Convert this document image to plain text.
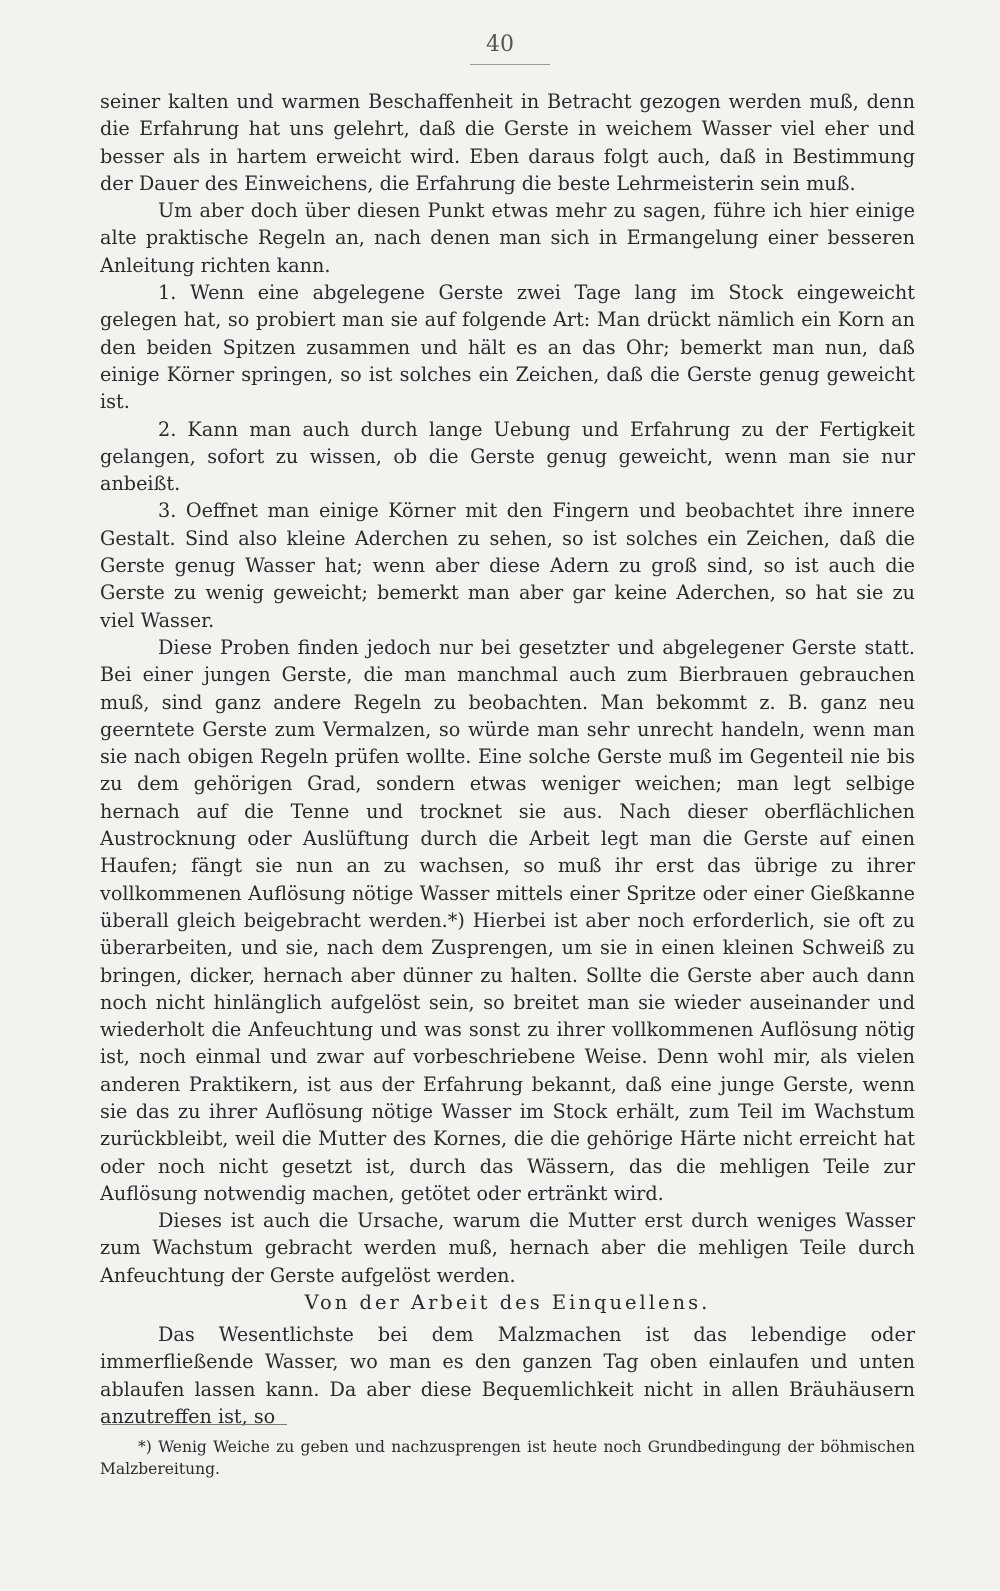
40

seiner kalten und warmen Beschaffenheit in Betracht gezogen werden muß, denn die Erfahrung hat uns gelehrt, daß die Gerste in weichem Wasser viel eher und besser als in hartem erweicht wird. Eben daraus folgt auch, daß in Bestimmung der Dauer des Einweichens, die Erfahrung die beste Lehrmeisterin sein muß.

Um aber doch über diesen Punkt etwas mehr zu sagen, führe ich hier einige alte praktische Regeln an, nach denen man sich in Ermangelung einer besseren Anleitung richten kann.

1. Wenn eine abgelegene Gerste zwei Tage lang im Stock eingeweicht gelegen hat, so probiert man sie auf folgende Art: Man drückt nämlich ein Korn an den beiden Spitzen zusammen und hält es an das Ohr; bemerkt man nun, daß einige Körner springen, so ist solches ein Zeichen, daß die Gerste genug geweicht ist.

2. Kann man auch durch lange Uebung und Erfahrung zu der Fertigkeit gelangen, sofort zu wissen, ob die Gerste genug geweicht, wenn man sie nur anbeißt.

3. Oeffnet man einige Körner mit den Fingern und beobachtet ihre innere Gestalt. Sind also kleine Aderchen zu sehen, so ist solches ein Zeichen, daß die Gerste genug Wasser hat; wenn aber diese Adern zu groß sind, so ist auch die Gerste zu wenig geweicht; bemerkt man aber gar keine Aderchen, so hat sie zu viel Wasser.

Diese Proben finden jedoch nur bei gesetzter und abgelegener Gerste statt. Bei einer jungen Gerste, die man manchmal auch zum Bierbrauen gebrauchen muß, sind ganz andere Regeln zu beobachten. Man bekommt z. B. ganz neu geerntete Gerste zum Vermalzen, so würde man sehr unrecht handeln, wenn man sie nach obigen Regeln prüfen wollte. Eine solche Gerste muß im Gegenteil nie bis zu dem gehörigen Grad, sondern etwas weniger weichen; man legt selbige hernach auf die Tenne und trocknet sie aus. Nach dieser oberflächlichen Austrocknung oder Auslüftung durch die Arbeit legt man die Gerste auf einen Haufen; fängt sie nun an zu wachsen, so muß ihr erst das übrige zu ihrer vollkommenen Auflösung nötige Wasser mittels einer Spritze oder einer Gießkanne überall gleich beigebracht werden.*) Hierbei ist aber noch erforderlich, sie oft zu überarbeiten, und sie, nach dem Zusprengen, um sie in einen kleinen Schweiß zu bringen, dicker, hernach aber dünner zu halten. Sollte die Gerste aber auch dann noch nicht hinlänglich aufgelöst sein, so breitet man sie wieder auseinander und wiederholt die Anfeuchtung und was sonst zu ihrer vollkommenen Auflösung nötig ist, noch einmal und zwar auf vorbeschriebene Weise. Denn wohl mir, als vielen anderen Praktikern, ist aus der Erfahrung bekannt, daß eine junge Gerste, wenn sie das zu ihrer Auflösung nötige Wasser im Stock erhält, zum Teil im Wachstum zurückbleibt, weil die Mutter des Kornes, die die gehörige Härte nicht erreicht hat oder noch nicht gesetzt ist, durch das Wässern, das die mehligen Teile zur Auflösung notwendig machen, getötet oder ertränkt wird.

Dieses ist auch die Ursache, warum die Mutter erst durch weniges Wasser zum Wachstum gebracht werden muß, hernach aber die mehligen Teile durch Anfeuchtung der Gerste aufgelöst werden.

Von der Arbeit des Einquellens.

Das Wesentlichste bei dem Malzmachen ist das lebendige oder immerfließende Wasser, wo man es den ganzen Tag oben einlaufen und unten ablaufen lassen kann. Da aber diese Bequemlichkeit nicht in allen Bräuhäusern anzutreffen ist, so

*) Wenig Weiche zu geben und nachzusprengen ist heute noch Grundbedingung der böhmischen Malzbereitung.
